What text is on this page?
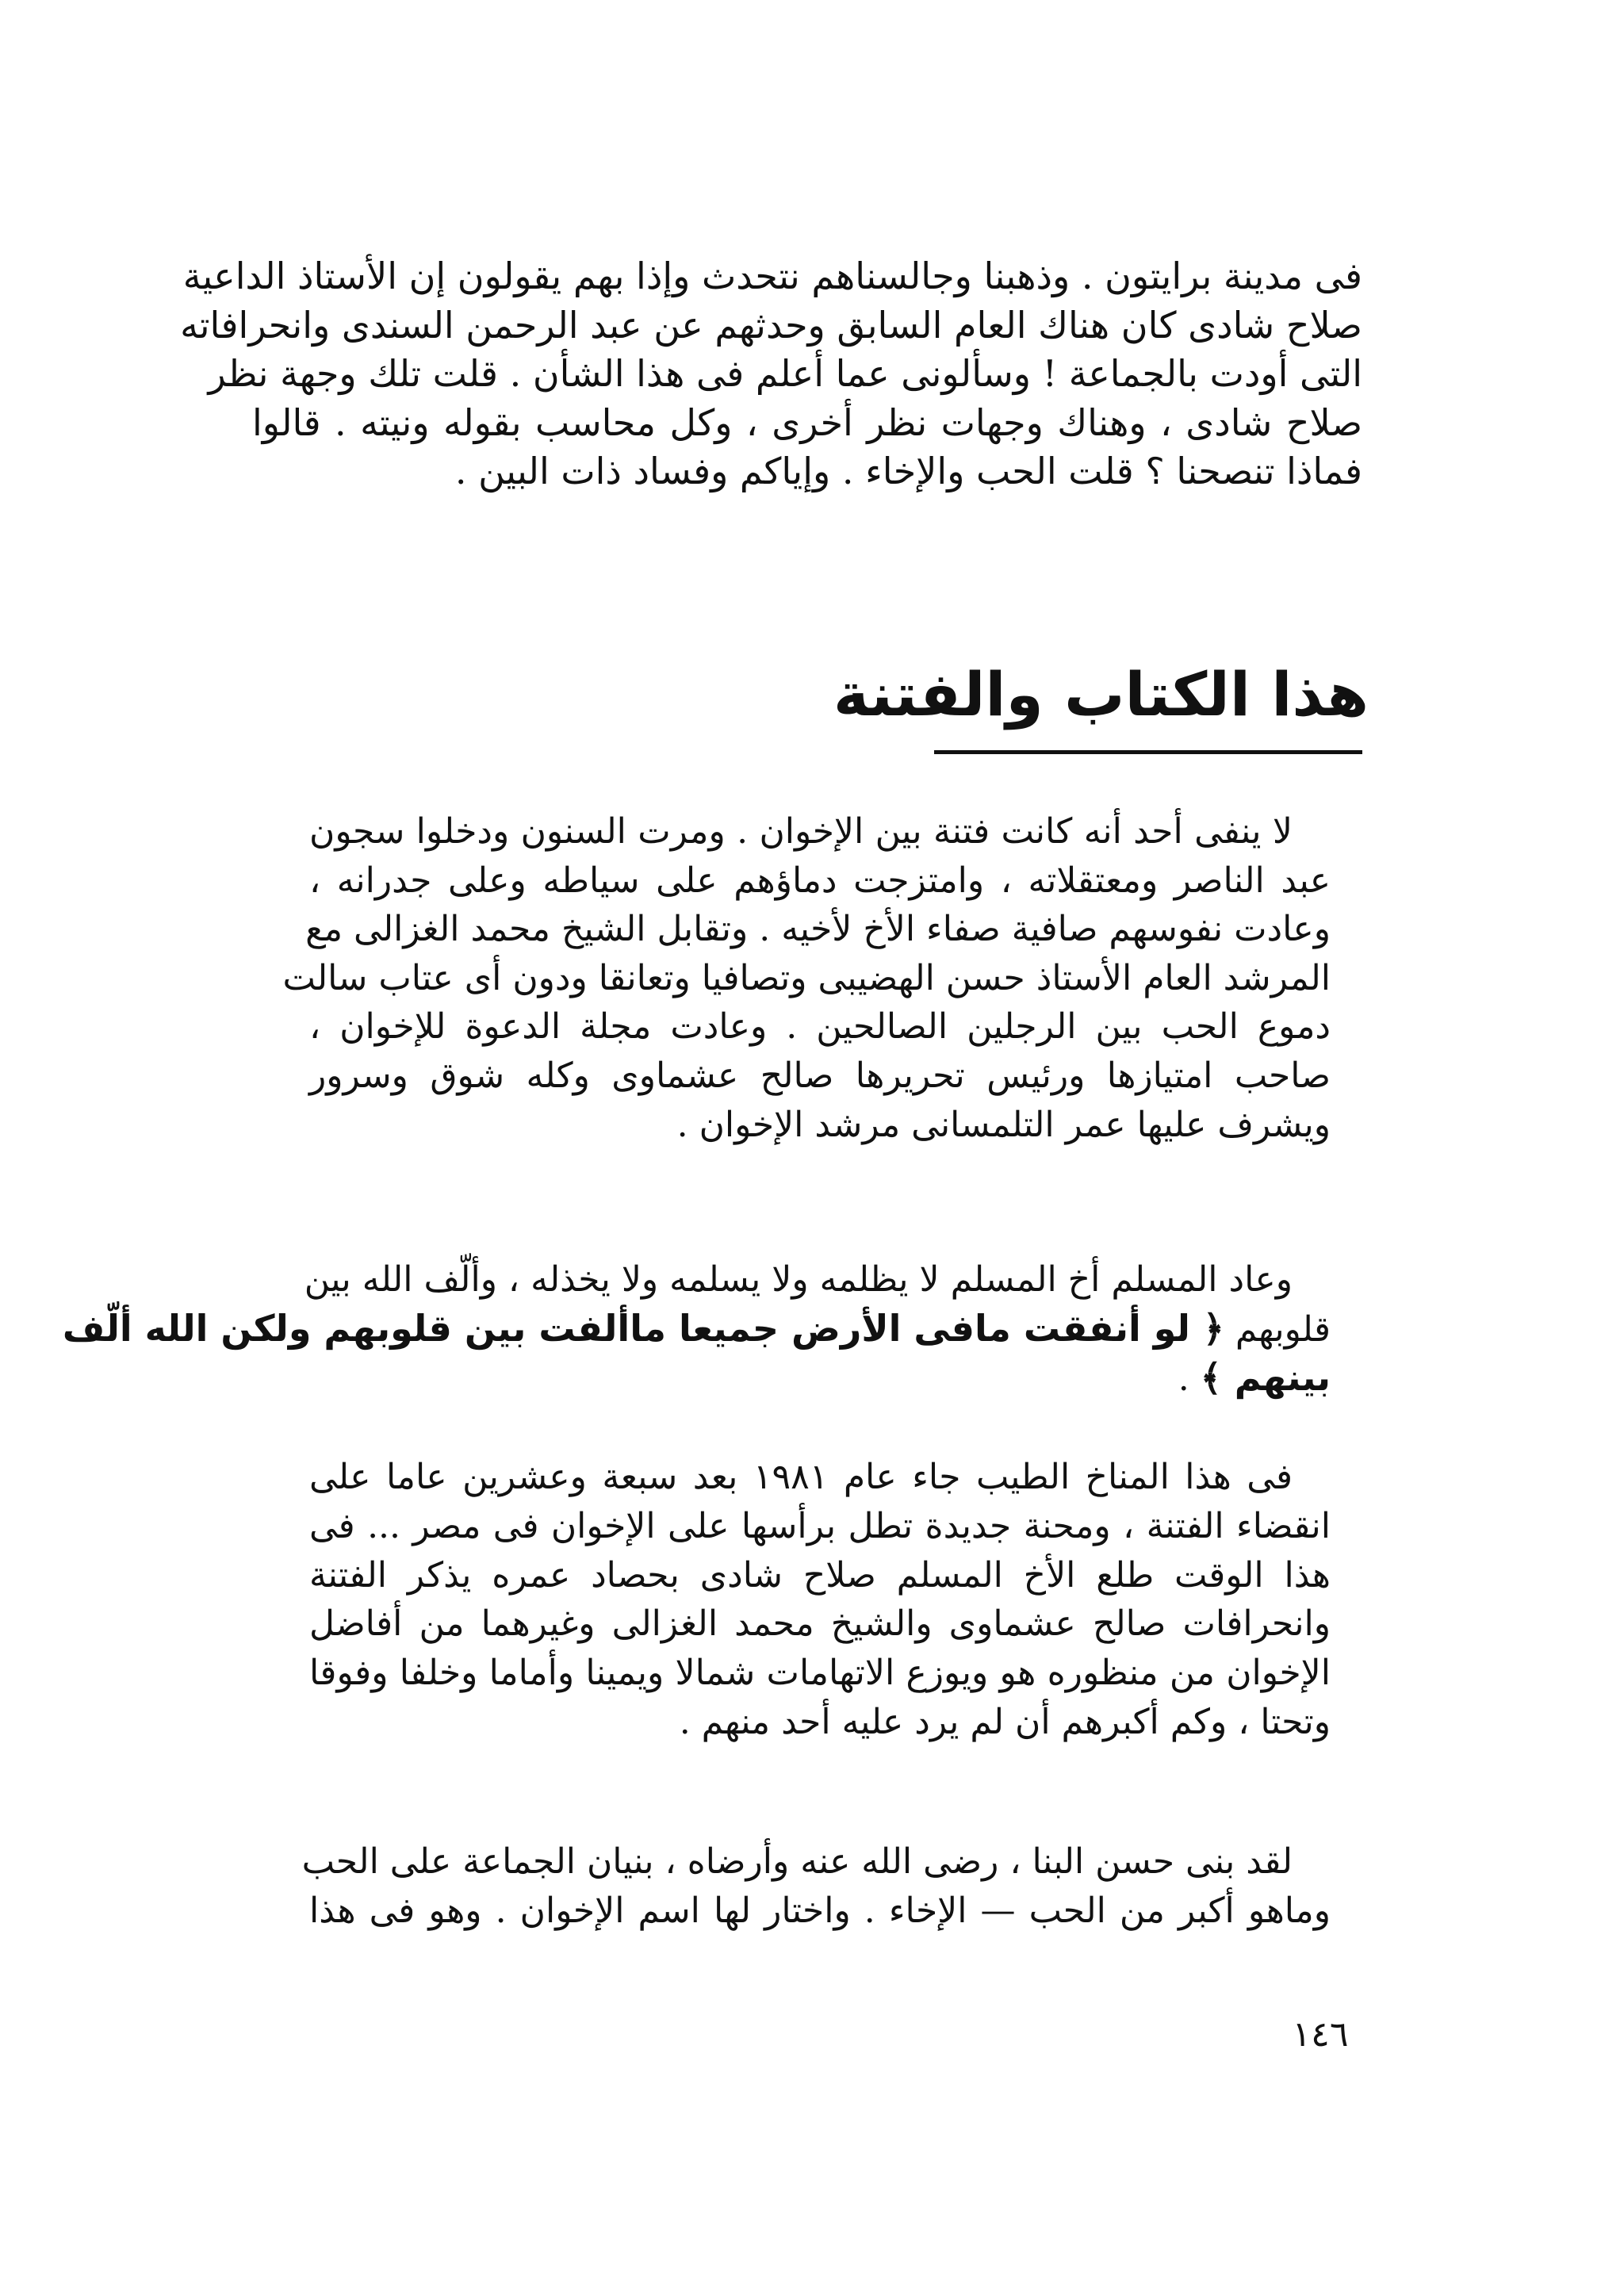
فى مدينة برايتون . وذهبنا وجالسناهم نتحدث وإذا بهم يقولون إن الأستاذ الداعية
صلاح شادى كان هناك العام السابق وحدثهم عن عبد الرحمن السندى وانحرافاته
التى أودت بالجماعة ! وسألونى عما أعلم فى هذا الشأن . قلت تلك وجهة نظر
صلاح شادى ، وهناك وجهات نظر أخرى ، وكل محاسب بقوله ونيته . قالوا
فماذا تنصحنا ؟ قلت الحب والإخاء . وإياكم وفساد ذات البين .
هذا الكتاب والفتنة
لا ينفى أحد أنه كانت فتنة بين الإخوان . ومرت السنون ودخلوا سجون
عبد الناصر ومعتقلاته ، وامتزجت دماؤهم على سياطه وعلى جدرانه ،
وعادت نفوسهم صافية صفاء الأخ لأخيه . وتقابل الشيخ محمد الغزالى مع
المرشد العام الأستاذ حسن الهضيبى وتصافيا وتعانقا ودون أى عتاب سالت
دموع الحب بين الرجلين الصالحين . وعادت مجلة الدعوة للإخوان ،
صاحب امتيازها ورئيس تحريرها صالح عشماوى وكله شوق وسرور
ويشرف عليها عمر التلمسانى مرشد الإخوان .
وعاد المسلم أخ المسلم لا يظلمه ولا يسلمه ولا يخذله ، وألّف الله بين
قلوبهم ﴿ لو أنفقت مافى الأرض جميعا ماألفت بين قلوبهم ولكن الله ألّف
بينهم ﴾ .
فى هذا المناخ الطيب جاء عام ١٩٨١ بعد سبعة وعشرين عاما على
انقضاء الفتنة ، ومحنة جديدة تطل برأسها على الإخوان فى مصر ... فى
هذا الوقت طلع الأخ المسلم صلاح شادى بحصاد عمره يذكر الفتنة
وانحرافات صالح عشماوى والشيخ محمد الغزالى وغيرهما من أفاضل
الإخوان من منظوره هو ويوزع الاتهامات شمالا ويمينا وأماما وخلفا وفوقا
وتحتا ، وكم أكبرهم أن لم يرد عليه أحد منهم .
لقد بنى حسن البنا ، رضى الله عنه وأرضاه ، بنيان الجماعة على الحب
وماهو أكبر من الحب — الإخاء . واختار لها اسم الإخوان . وهو فى هذا
١٤٦
